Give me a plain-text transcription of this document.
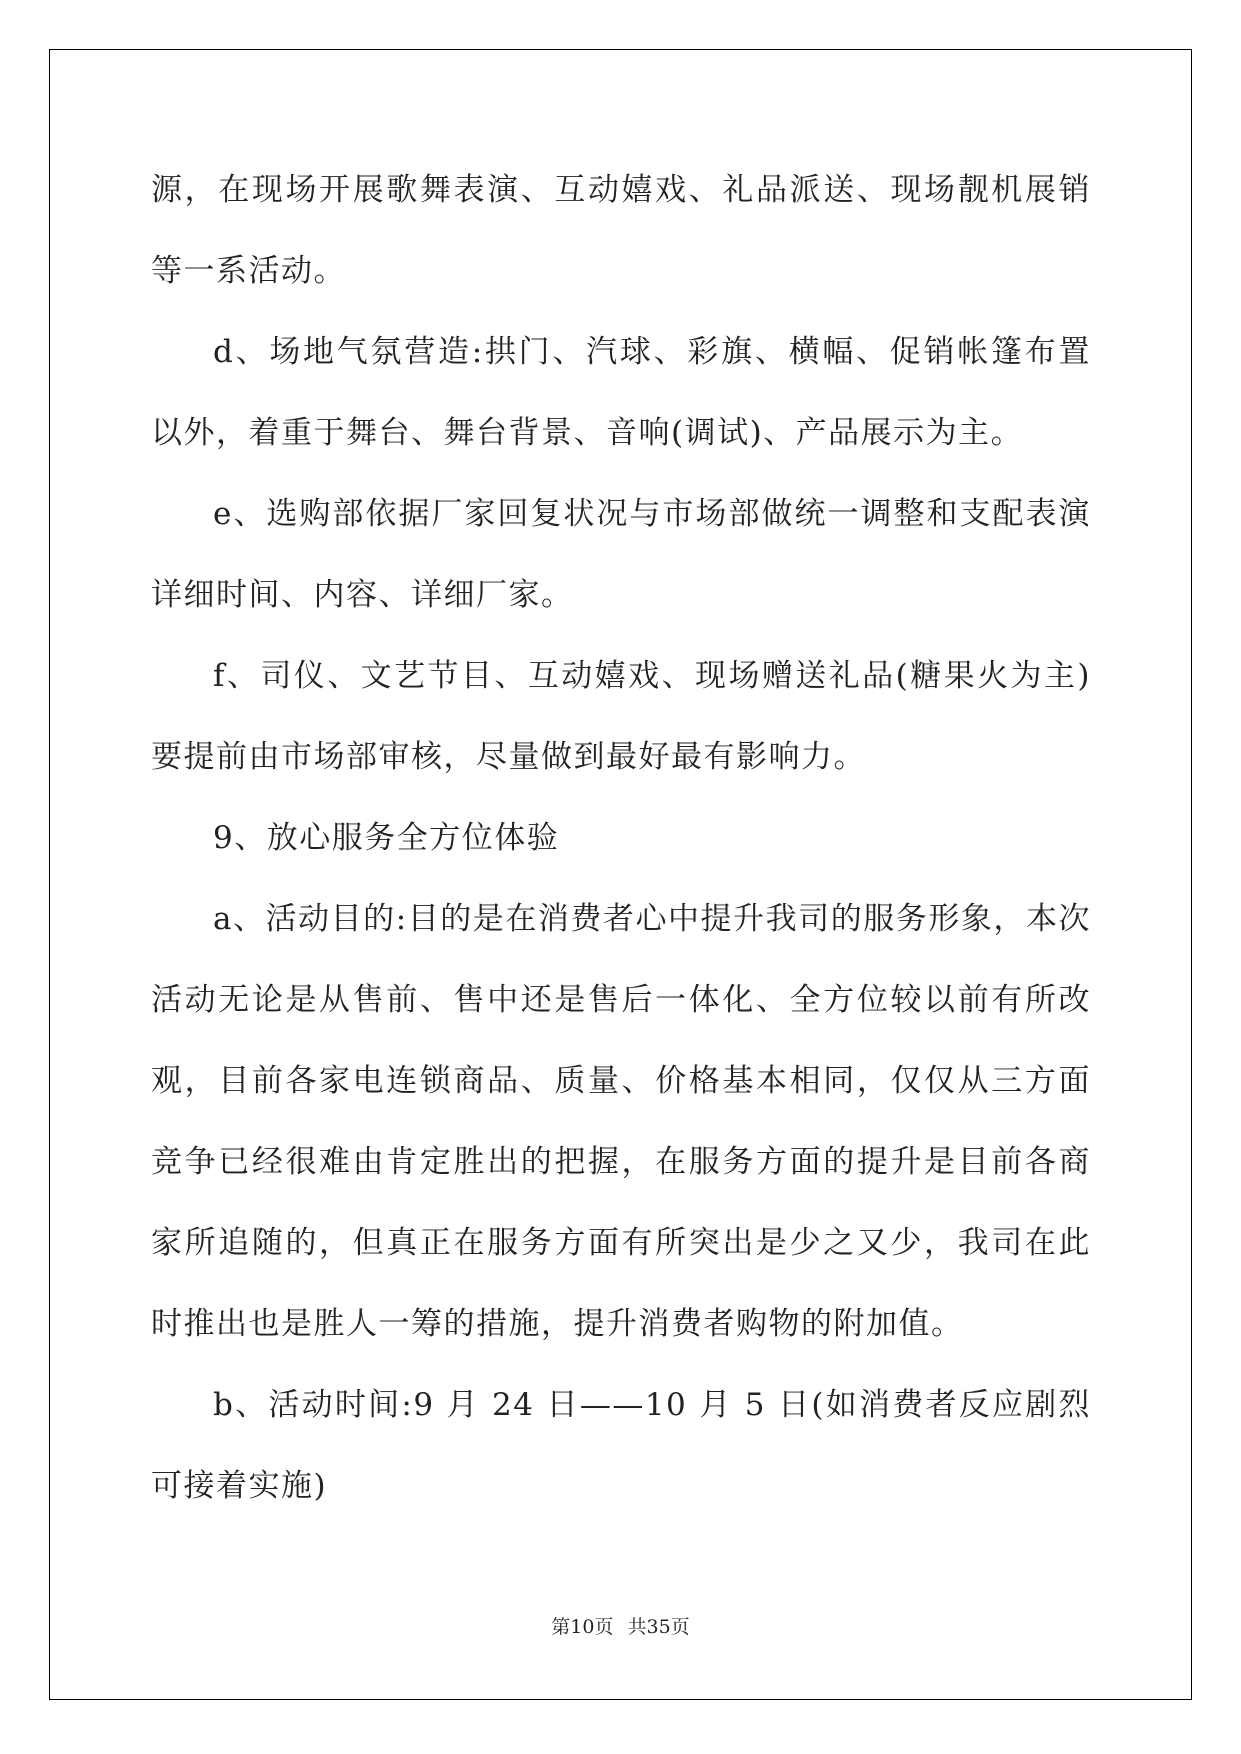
源，在现场开展歌舞表演、互动嬉戏、礼品派送、现场靓机展销等一系活动。

d、场地气氛营造:拱门、汽球、彩旗、横幅、促销帐篷布置以外，着重于舞台、舞台背景、音响(调试)、产品展示为主。

e、选购部依据厂家回复状况与市场部做统一调整和支配表演详细时间、内容、详细厂家。

f、司仪、文艺节目、互动嬉戏、现场赠送礼品(糖果火为主)要提前由市场部审核，尽量做到最好最有影响力。

9、放心服务全方位体验

a、活动目的:目的是在消费者心中提升我司的服务形象，本次活动无论是从售前、售中还是售后一体化、全方位较以前有所改观，目前各家电连锁商品、质量、价格基本相同，仅仅从三方面竞争已经很难由肯定胜出的把握，在服务方面的提升是目前各商家所追随的，但真正在服务方面有所突出是少之又少，我司在此时推出也是胜人一筹的措施，提升消费者购物的附加值。

b、活动时间:9 月 24 日——10 月 5 日(如消费者反应剧烈可接着实施)

第10页 共35页
